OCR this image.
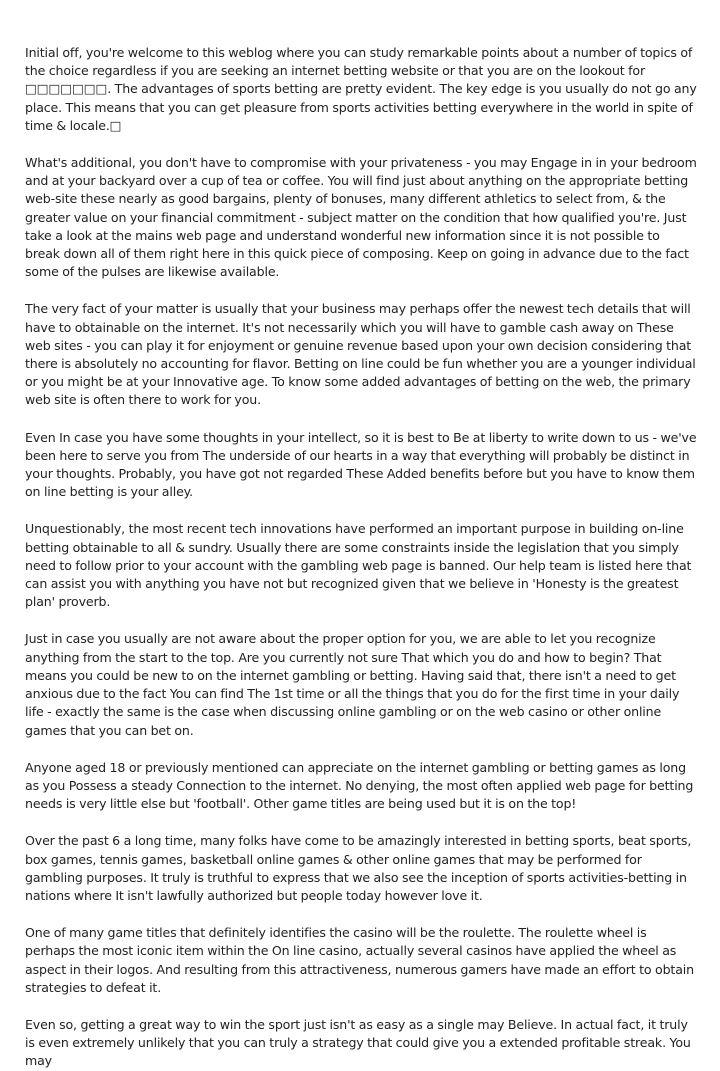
Initial off, you're welcome to this weblog where you can study remarkable points about a number of topics of the choice regardless if you are seeking an internet betting website or that you are on the lookout for □□□□□□□. The advantages of sports betting are pretty evident. The key edge is you usually do not go any place. This means that you can get pleasure from sports activities betting everywhere in the world in spite of time & locale.□

What's additional, you don't have to compromise with your privateness - you may Engage in in your bedroom and at your backyard over a cup of tea or coffee. You will find just about anything on the appropriate betting web-site these nearly as good bargains, plenty of bonuses, many different athletics to select from, & the greater value on your financial commitment - subject matter on the condition that how qualified you're. Just take a look at the mains web page and understand wonderful new information since it is not possible to break down all of them right here in this quick piece of composing. Keep on going in advance due to the fact some of the pulses are likewise available.

The very fact of your matter is usually that your business may perhaps offer the newest tech details that will have to obtainable on the internet. It's not necessarily which you will have to gamble cash away on These web sites - you can play it for enjoyment or genuine revenue based upon your own decision considering that there is absolutely no accounting for flavor. Betting on line could be fun whether you are a younger individual or you might be at your Innovative age. To know some added advantages of betting on the web, the primary web site is often there to work for you.

Even In case you have some thoughts in your intellect, so it is best to Be at liberty to write down to us - we've been here to serve you from The underside of our hearts in a way that everything will probably be distinct in your thoughts. Probably, you have got not regarded These Added benefits before but you have to know them on line betting is your alley.

Unquestionably, the most recent tech innovations have performed an important purpose in building on-line betting obtainable to all & sundry. Usually there are some constraints inside the legislation that you simply need to follow prior to your account with the gambling web page is banned. Our help team is listed here that can assist you with anything you have not but recognized given that we believe in 'Honesty is the greatest plan' proverb.

Just in case you usually are not aware about the proper option for you, we are able to let you recognize anything from the start to the top. Are you currently not sure That which you do and how to begin? That means you could be new to on the internet gambling or betting. Having said that, there isn't a need to get anxious due to the fact You can find The 1st time or all the things that you do for the first time in your daily life - exactly the same is the case when discussing online gambling or on the web casino or other online games that you can bet on.

Anyone aged 18 or previously mentioned can appreciate on the internet gambling or betting games as long as you Possess a steady Connection to the internet. No denying, the most often applied web page for betting needs is very little else but 'football'. Other game titles are being used but it is on the top!

Over the past 6 a long time, many folks have come to be amazingly interested in betting sports, beat sports, box games, tennis games, basketball online games & other online games that may be performed for gambling purposes. It truly is truthful to express that we also see the inception of sports activities-betting in nations where It isn't lawfully authorized but people today however love it.

One of many game titles that definitely identifies the casino will be the roulette. The roulette wheel is perhaps the most iconic item within the On line casino, actually several casinos have applied the wheel as aspect in their logos. And resulting from this attractiveness, numerous gamers have made an effort to obtain strategies to defeat it.

Even so, getting a great way to win the sport just isn't as easy as a single may Believe. In actual fact, it truly is even extremely unlikely that you can truly a strategy that could give you a extended profitable streak. You may
